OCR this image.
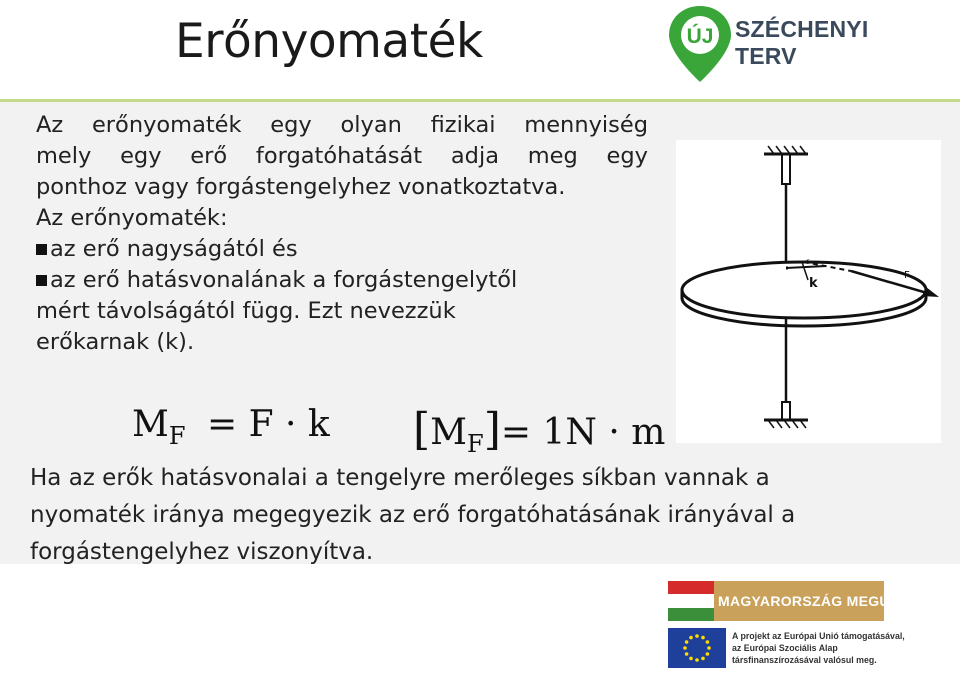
Erőnyomaték	ÚJ SZÉCHENYI TERV
Az erőnyomaték egy olyan fizikai mennyiség
mely egy erő forgatóhatását adja meg egy
ponthoz vagy forgástengelyhez vonatkoztatva.
Az erőnyomaték:
az erő nagyságától és
az erő hatásvonalának a forgástengelytől
mért távolságától függ. Ezt nevezzük
erőkarnak (k).
$M_F = F \cdot k$ $[M_F]= 1N \cdot m$
Ha az erők hatásvonalai a tengelyre merőleges síkban vannak a
nyomaték iránya megegyezik az erő forgatóhatásának irányával a
forgástengelyhez viszonyítva.
F
k
r
MAGYARORSZÁG MEGÚJUL
A projekt az Európai Unió támogatásával,
az Európai Szociális Alap
társfinanszírozásával valósul meg.
